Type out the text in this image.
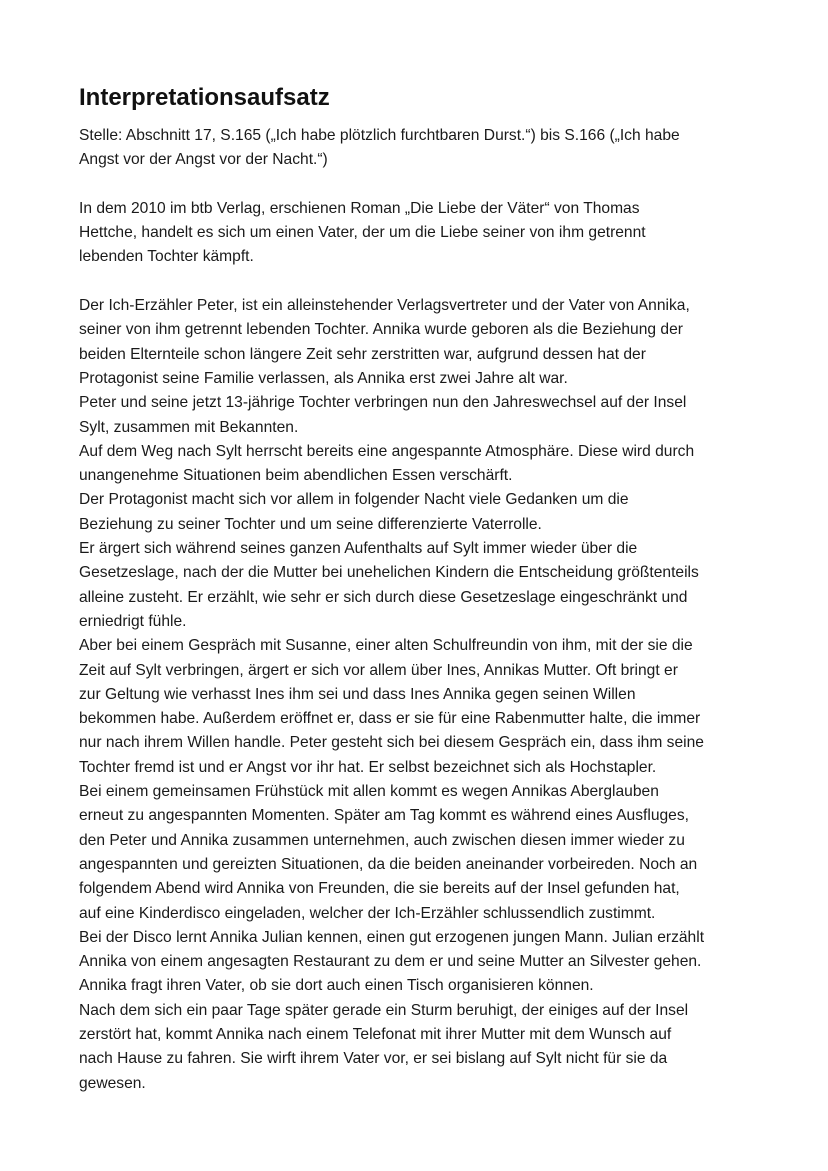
Interpretationsaufsatz

Stelle: Abschnitt 17, S.165 („Ich habe plötzlich furchtbaren Durst.“) bis S.166 („Ich habe
Angst vor der Angst vor der Nacht.“)

In dem 2010 im btb Verlag, erschienen Roman „Die Liebe der Väter“ von Thomas
Hettche, handelt es sich um einen Vater, der um die Liebe seiner von ihm getrennt
lebenden Tochter kämpft.

Der Ich-Erzähler Peter, ist ein alleinstehender Verlagsvertreter und der Vater von Annika,
seiner von ihm getrennt lebenden Tochter. Annika wurde geboren als die Beziehung der
beiden Elternteile schon längere Zeit sehr zerstritten war, aufgrund dessen hat der
Protagonist seine Familie verlassen, als Annika erst zwei Jahre alt war.
Peter und seine jetzt 13-jährige Tochter verbringen nun den Jahreswechsel auf der Insel
Sylt, zusammen mit Bekannten.
Auf dem Weg nach Sylt herrscht bereits eine angespannte Atmosphäre. Diese wird durch
unangenehme Situationen beim abendlichen Essen verschärft.
Der Protagonist macht sich vor allem in folgender Nacht viele Gedanken um die
Beziehung zu seiner Tochter und um seine differenzierte Vaterrolle.
Er ärgert sich während seines ganzen Aufenthalts auf Sylt immer wieder über die
Gesetzeslage, nach der die Mutter bei unehelichen Kindern die Entscheidung größtenteils
alleine zusteht. Er erzählt, wie sehr er sich durch diese Gesetzeslage eingeschränkt und
erniedrigt fühle.
Aber bei einem Gespräch mit Susanne, einer alten Schulfreundin von ihm, mit der sie die
Zeit auf Sylt verbringen, ärgert er sich vor allem über Ines, Annikas Mutter. Oft bringt er
zur Geltung wie verhasst Ines ihm sei und dass Ines Annika gegen seinen Willen
bekommen habe. Außerdem eröffnet er, dass er sie für eine Rabenmutter halte, die immer
nur nach ihrem Willen handle. Peter gesteht sich bei diesem Gespräch ein, dass ihm seine
Tochter fremd ist und er Angst vor ihr hat. Er selbst bezeichnet sich als Hochstapler.
Bei einem gemeinsamen Frühstück mit allen kommt es wegen Annikas Aberglauben
erneut zu angespannten Momenten. Später am Tag kommt es während eines Ausfluges,
den Peter und Annika zusammen unternehmen, auch zwischen diesen immer wieder zu
angespannten und gereizten Situationen, da die beiden aneinander vorbeireden. Noch an
folgendem Abend wird Annika von Freunden, die sie bereits auf der Insel gefunden hat,
auf eine Kinderdisco eingeladen, welcher der Ich-Erzähler schlussendlich zustimmt.
Bei der Disco lernt Annika Julian kennen, einen gut erzogenen jungen Mann. Julian erzählt
Annika von einem angesagten Restaurant zu dem er und seine Mutter an Silvester gehen.
Annika fragt ihren Vater, ob sie dort auch einen Tisch organisieren können.
Nach dem sich ein paar Tage später gerade ein Sturm beruhigt, der einiges auf der Insel
zerstört hat, kommt Annika nach einem Telefonat mit ihrer Mutter mit dem Wunsch auf
nach Hause zu fahren. Sie wirft ihrem Vater vor, er sei bislang auf Sylt nicht für sie da
gewesen.
